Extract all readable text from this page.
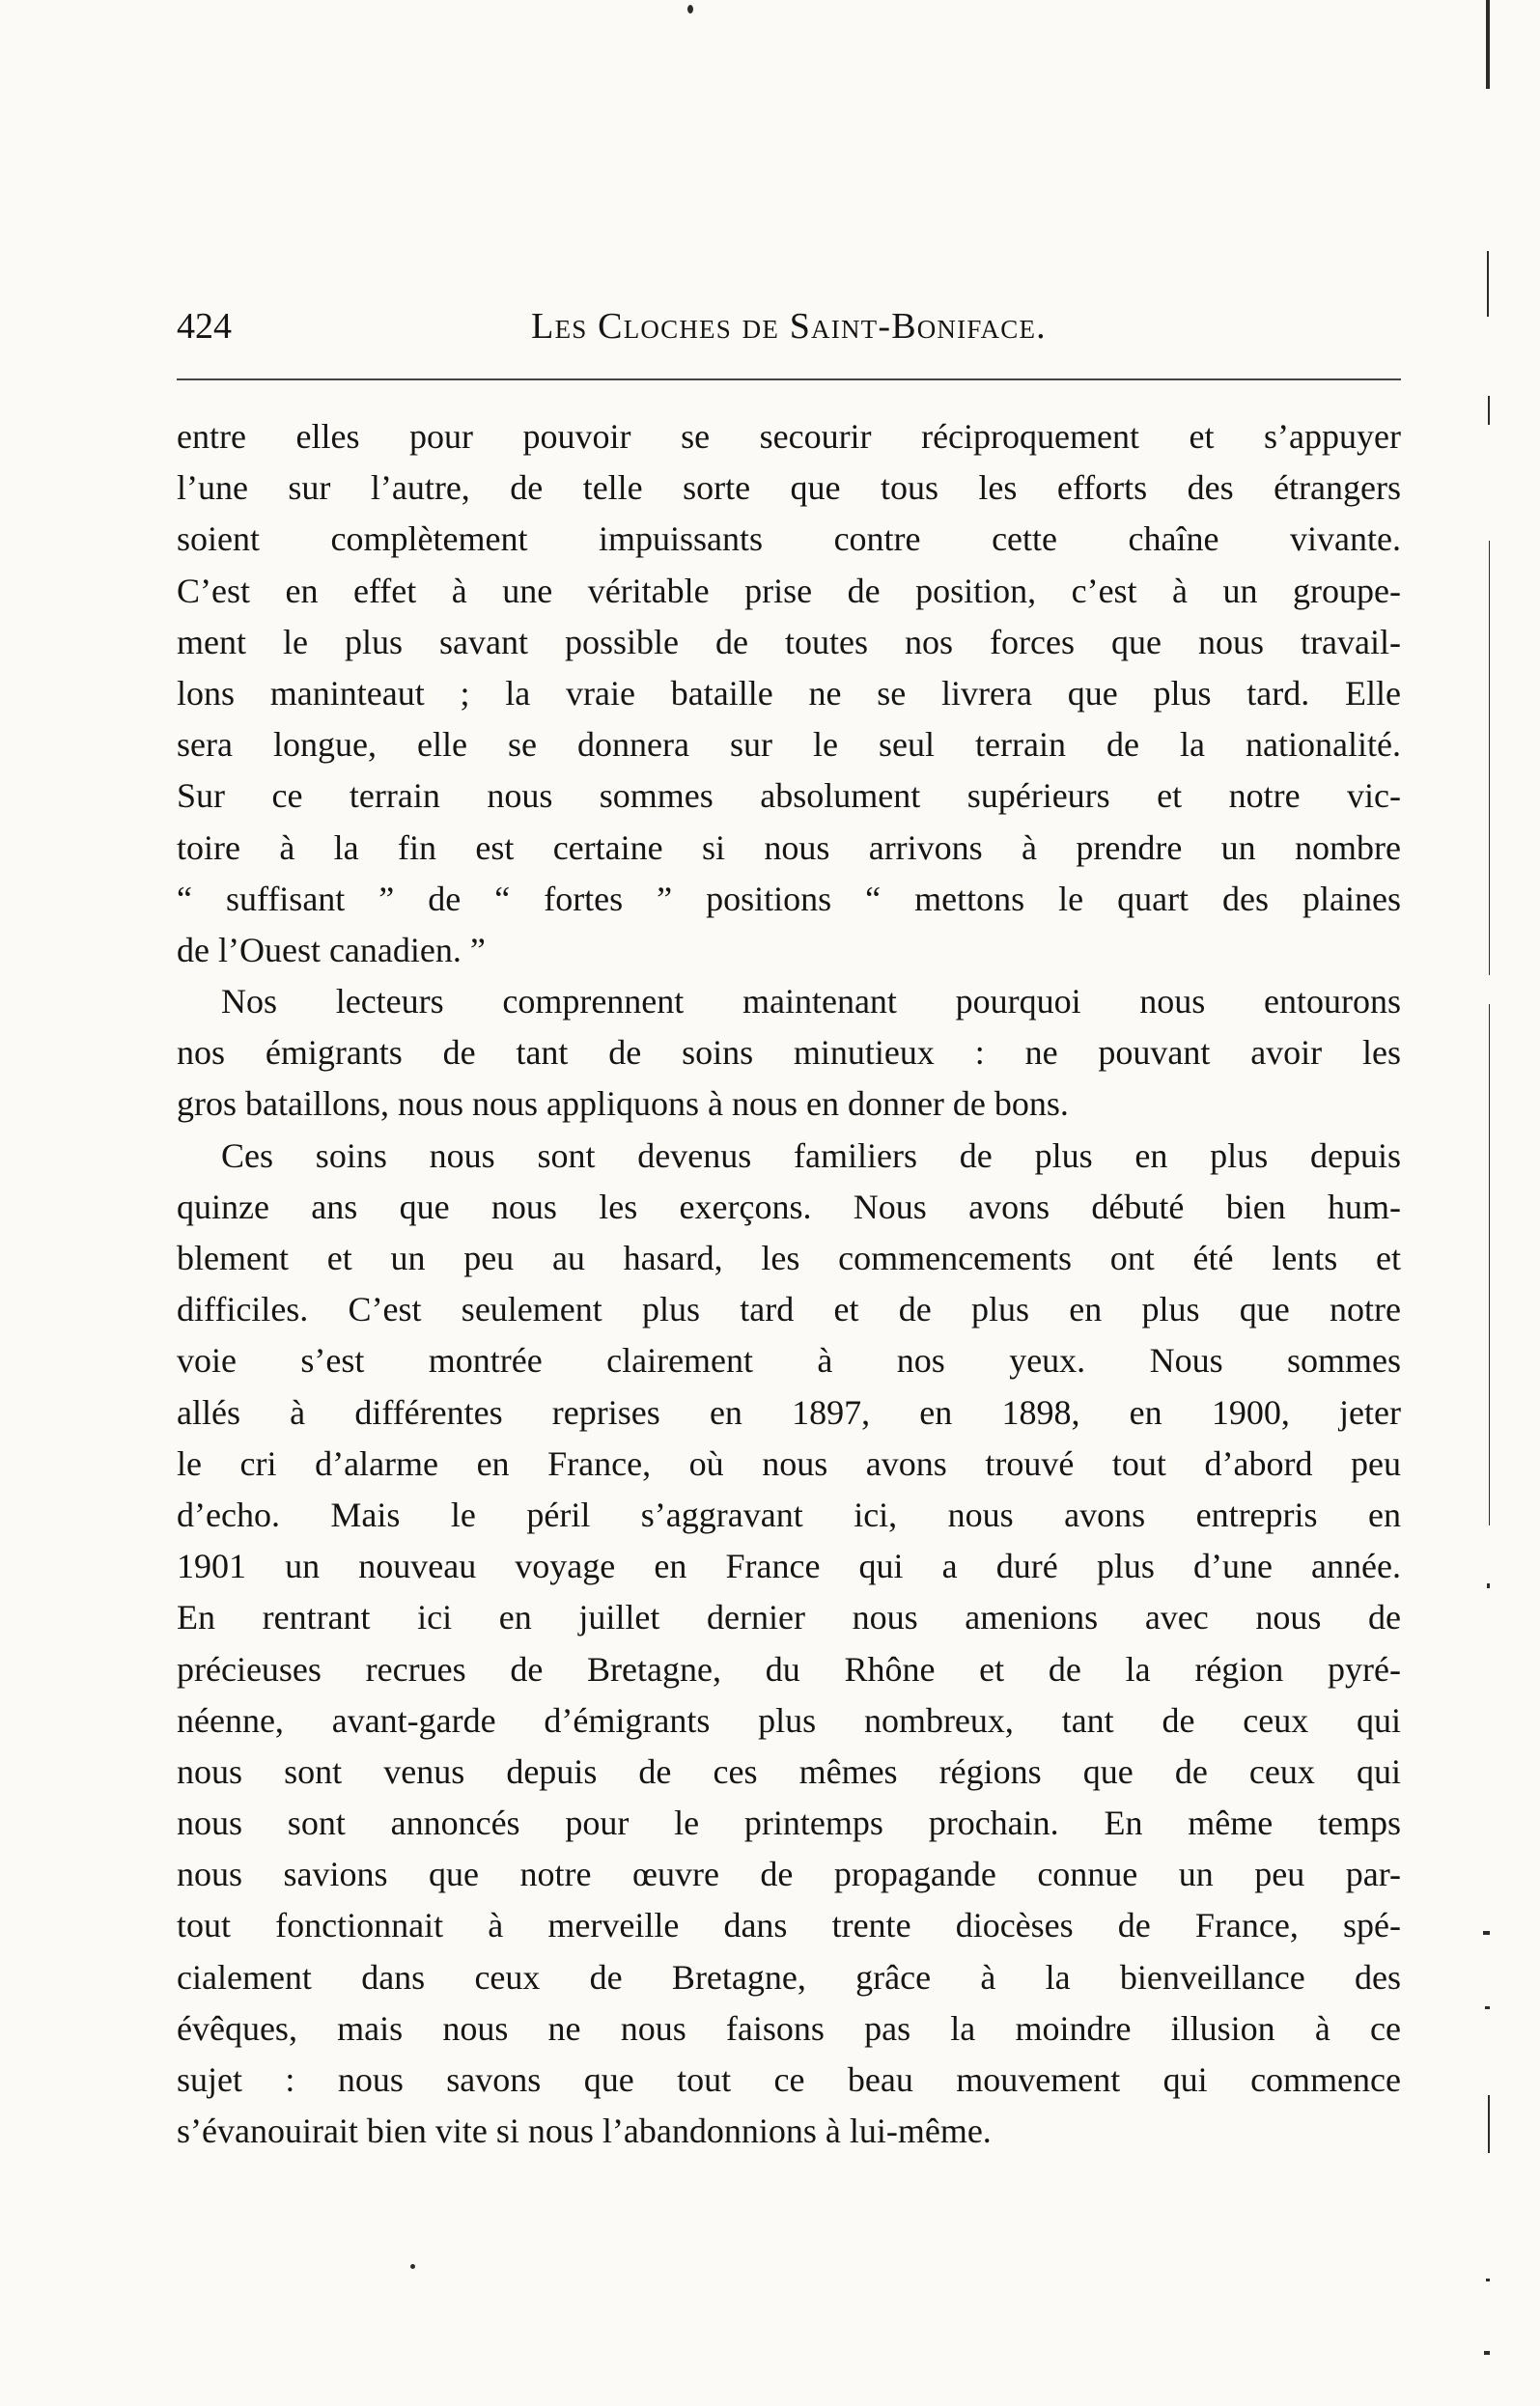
424	Les Cloches de Saint-Boniface.
entre elles pour pouvoir se secourir réciproquement et s’appuyer
l’une sur l’autre, de telle sorte que tous les efforts des étrangers
soient complètement impuissants contre cette chaîne vivante.
C’est en effet à une véritable prise de position, c’est à un groupe-
ment le plus savant possible de toutes nos forces que nous travail-
lons maninteaut ; la vraie bataille ne se livrera que plus tard. Elle
sera longue, elle se donnera sur le seul terrain de la nationalité.
Sur ce terrain nous sommes absolument supérieurs et notre vic-
toire à la fin est certaine si nous arrivons à prendre un nombre
“ suffisant ” de “ fortes ” positions “ mettons le quart des plaines
de l’Ouest canadien. ”
Nos lecteurs comprennent maintenant pourquoi nous entourons
nos émigrants de tant de soins minutieux : ne pouvant avoir les
gros bataillons, nous nous appliquons à nous en donner de bons.
Ces soins nous sont devenus familiers de plus en plus depuis
quinze ans que nous les exerçons. Nous avons débuté bien hum-
blement et un peu au hasard, les commencements ont été lents et
difficiles. C’est seulement plus tard et de plus en plus que notre
voie s’est montrée clairement à nos yeux. Nous sommes
allés à différentes reprises en 1897, en 1898, en 1900, jeter
le cri d’alarme en France, où nous avons trouvé tout d’abord peu
d’echo. Mais le péril s’aggravant ici, nous avons entrepris en
1901 un nouveau voyage en France qui a duré plus d’une année.
En rentrant ici en juillet dernier nous amenions avec nous de
précieuses recrues de Bretagne, du Rhône et de la région pyré-
néenne, avant-garde d’émigrants plus nombreux, tant de ceux qui
nous sont venus depuis de ces mêmes régions que de ceux qui
nous sont annoncés pour le printemps prochain. En même temps
nous savions que notre œuvre de propagande connue un peu par-
tout fonctionnait à merveille dans trente diocèses de France, spé-
cialement dans ceux de Bretagne, grâce à la bienveillance des
évêques, mais nous ne nous faisons pas la moindre illusion à ce
sujet : nous savons que tout ce beau mouvement qui commence
s’évanouirait bien vite si nous l’abandonnions à lui-même.
